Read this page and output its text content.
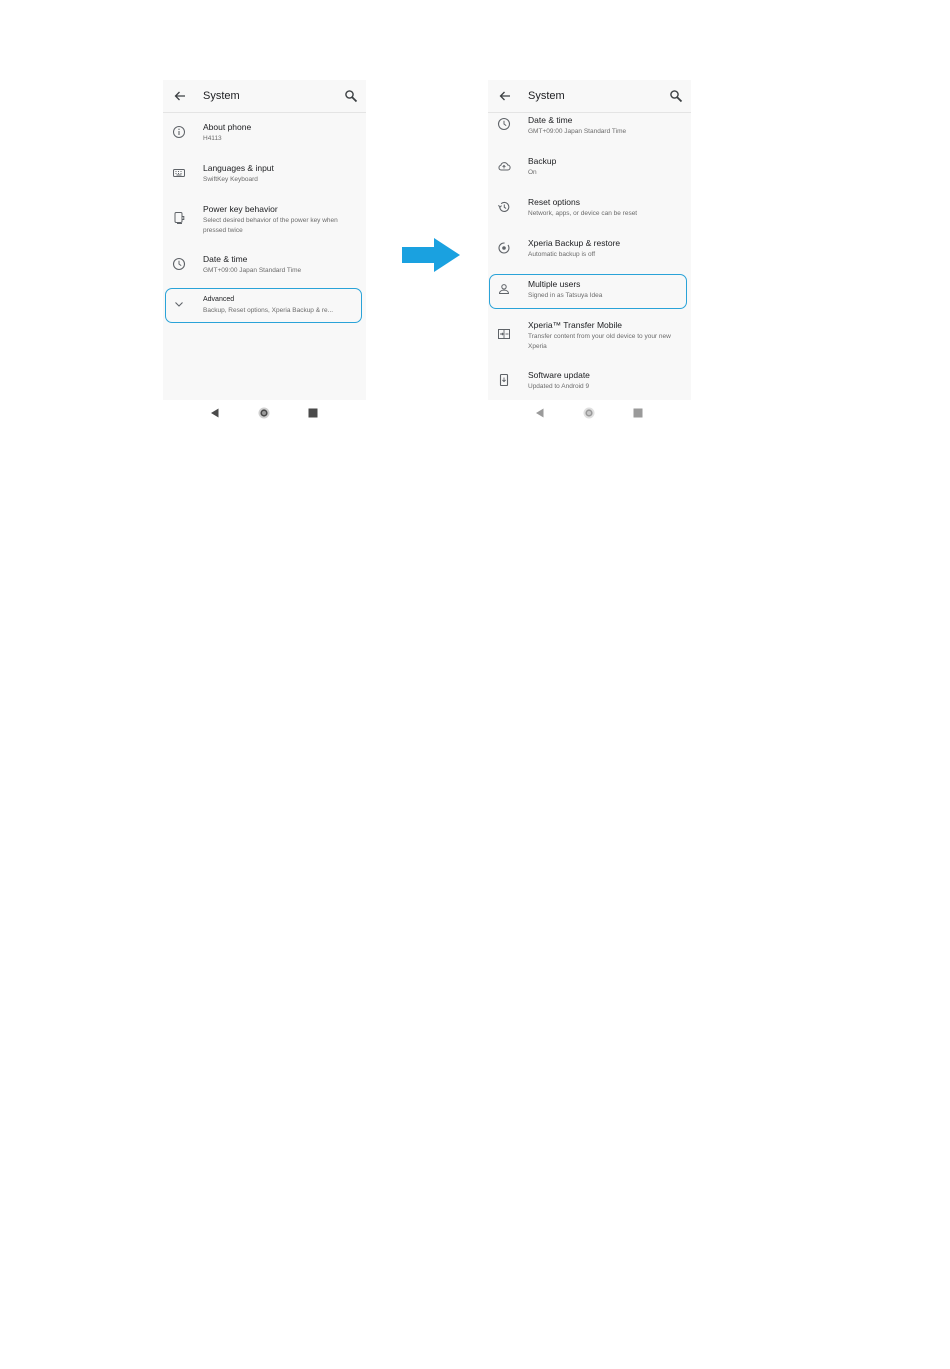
System
About phone
H4113
Languages & input
SwiftKey Keyboard
Power key behavior
Select desired behavior of the power key when pressed twice
Date & time
GMT+09:00 Japan Standard Time
Advanced
Backup, Reset options, Xperia Backup & re...
Date & time
GMT+09:00 Japan Standard Time
Backup
On
Reset options
Network, apps, or device can be reset
Xperia Backup & restore
Automatic backup is off
Multiple users
Signed in as Tatsuya Idea
Xperia™ Transfer Mobile
Transfer content from your old device to your new Xperia
Software update
Updated to Android 9
System
